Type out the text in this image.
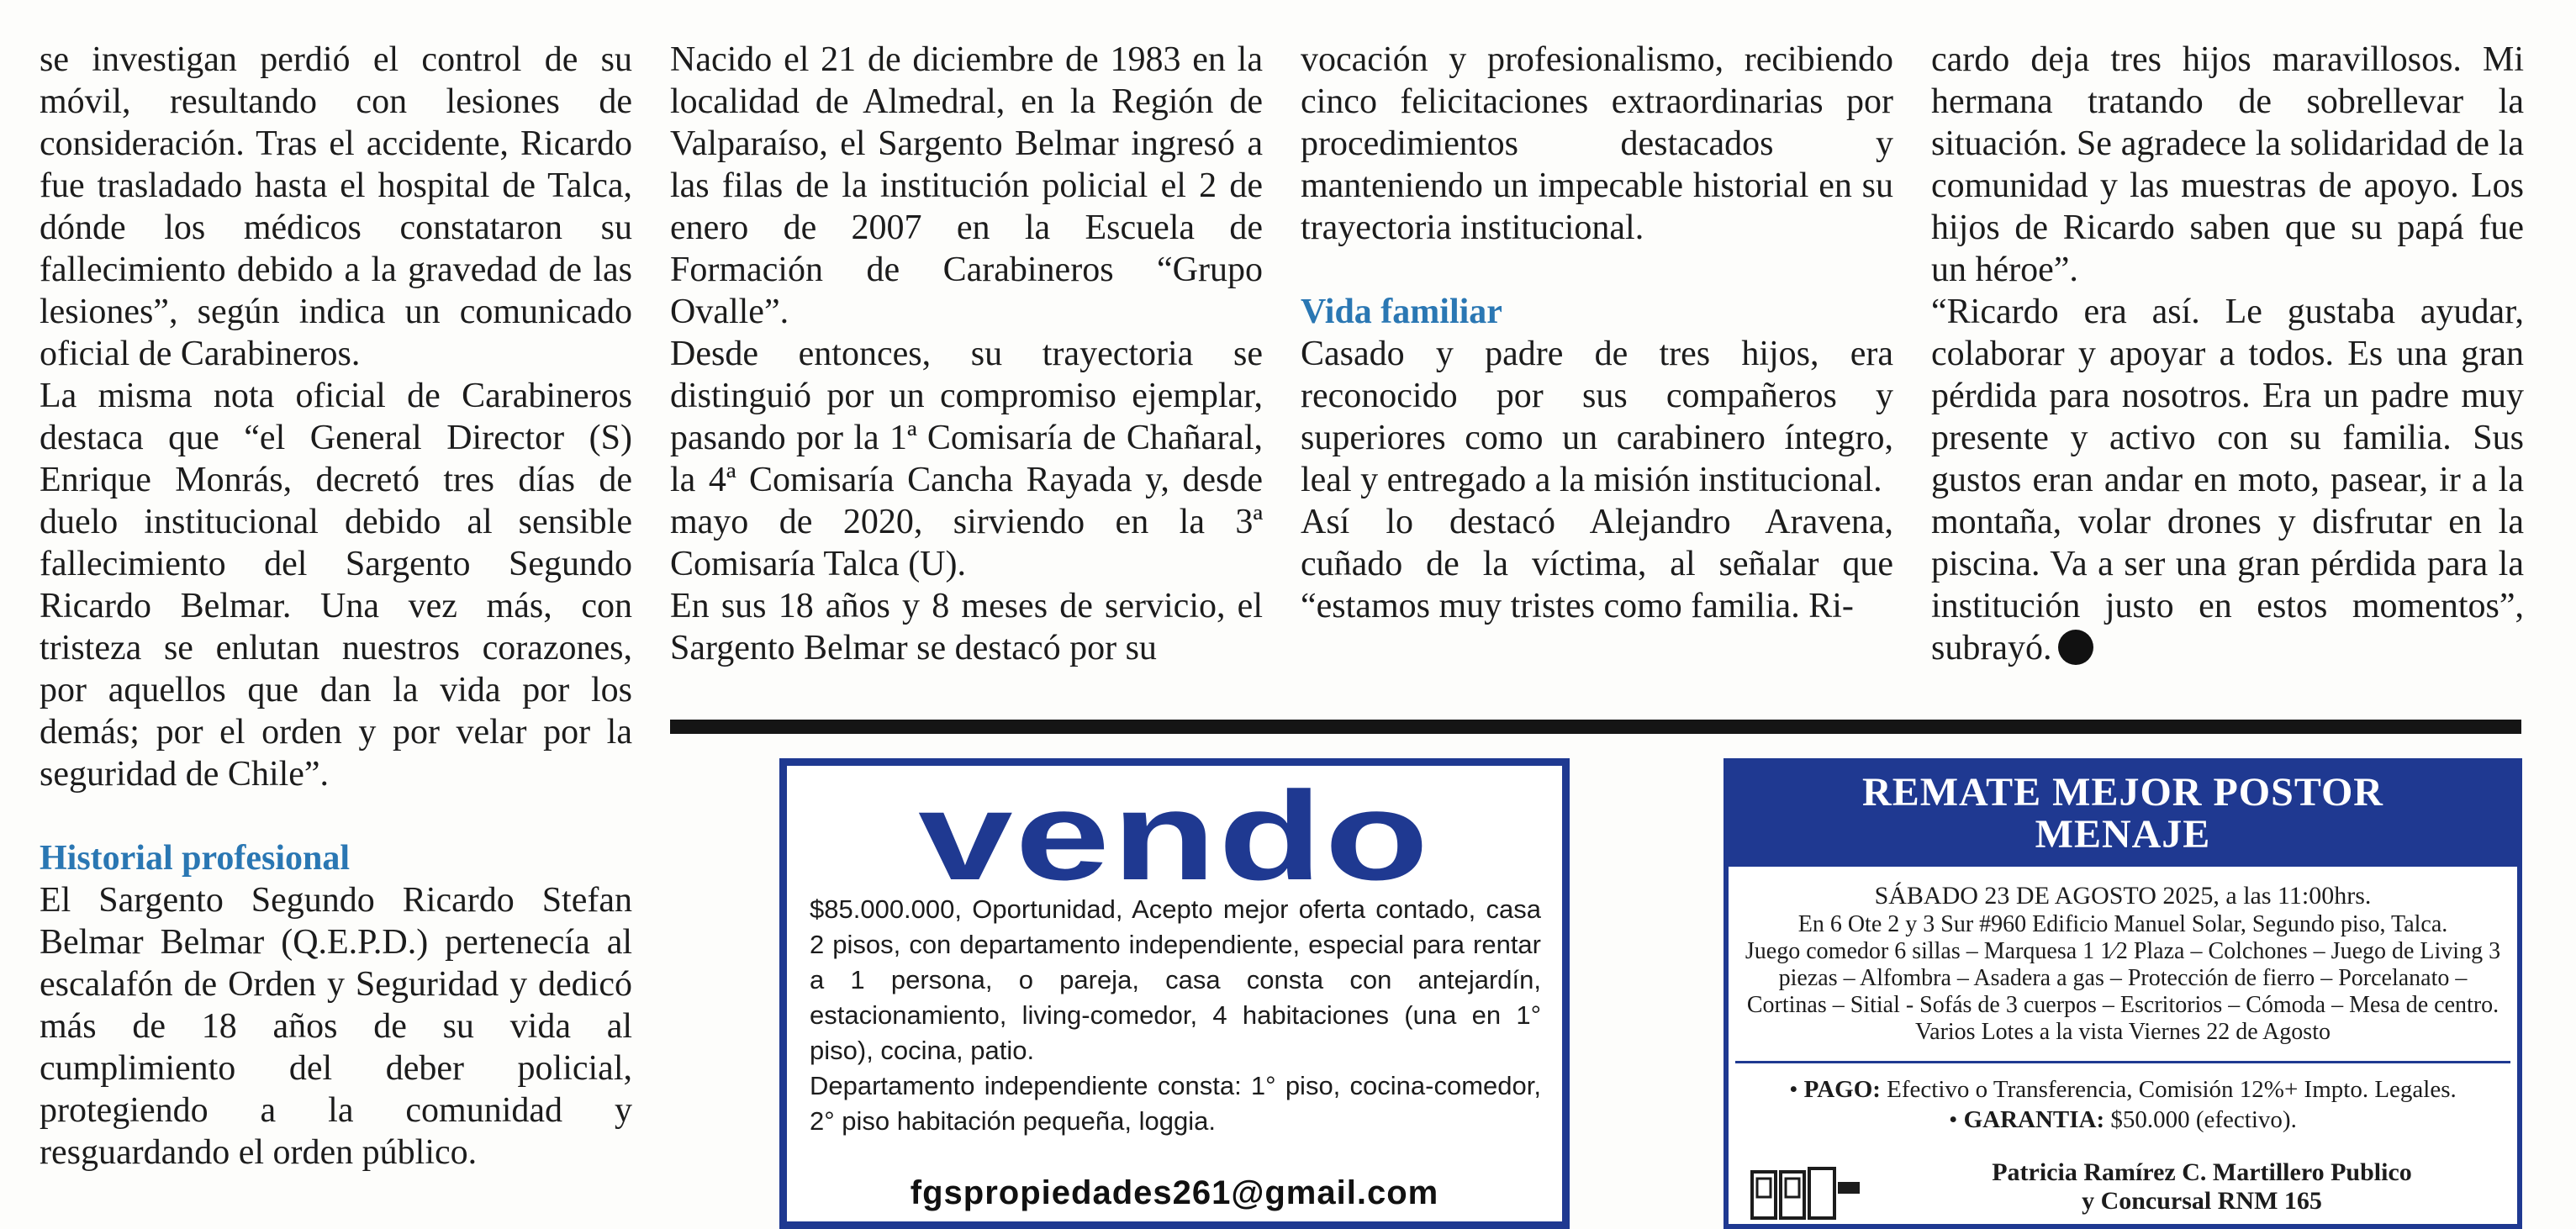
se investigan perdió el control de su móvil, resultando con lesiones de consideración. Tras el accidente, Ricardo fue trasladado hasta el hospital de Talca, dónde los médicos constataron su fallecimiento debido a la gravedad de las lesiones”, según indica un comunicado oficial de Carabineros.

La misma nota oficial de Carabineros destaca que “el General Director (S) Enrique Monrás, decretó tres días de duelo institucional debido al sensible fallecimiento del Sargento Segundo Ricardo Belmar. Una vez más, con tristeza se enlutan nuestros corazones, por aquellos que dan la vida por los demás; por el orden y por velar por la seguridad de Chile”.

Historial profesional

El Sargento Segundo Ricardo Stefan Belmar Belmar (Q.E.P.D.) pertenecía al escalafón de Orden y Seguridad y dedicó más de 18 años de su vida al cumplimiento del deber policial, protegiendo a la comunidad y resguardando el orden público.

Nacido el 21 de diciembre de 1983 en la localidad de Almedral, en la Región de Valparaíso, el Sargento Belmar ingresó a las filas de la institución policial el 2 de enero de 2007 en la Escuela de Formación de Carabineros “Grupo Ovalle”.

Desde entonces, su trayectoria se distinguió por un compromiso ejemplar, pasando por la 1ª Comisaría de Chañaral, la 4ª Comisaría Cancha Rayada y, desde mayo de 2020, sirviendo en la 3ª Comisaría Talca (U).

En sus 18 años y 8 meses de servicio, el Sargento Belmar se destacó por su

vocación y profesionalismo, recibiendo cinco felicitaciones extraordinarias por procedimientos destacados y manteniendo un impecable historial en su trayectoria institucional.

Vida familiar

Casado y padre de tres hijos, era reconocido por sus compañeros y superiores como un carabinero íntegro, leal y entregado a la misión institucional.

Así lo destacó Alejandro Aravena, cuñado de la víctima, al señalar que “estamos muy tristes como familia. Ri-

cardo deja tres hijos maravillosos. Mi hermana tratando de sobrellevar la situación. Se agradece la solidaridad de la comunidad y las muestras de apoyo. Los hijos de Ricardo saben que su papá fue un héroe”.

“Ricardo era así. Le gustaba ayudar, colaborar y apoyar a todos. Es una gran pérdida para nosotros. Era un padre muy presente y activo con su familia. Sus gustos eran andar en moto, pasear, ir a la montaña, volar drones y disfrutar en la piscina. Va a ser una gran pérdida para la institución justo en estos momentos”, subrayó.

vendo

$85.000.000, Oportunidad, Acepto mejor oferta contado, casa 2 pisos, con departamento independiente, especial para rentar a 1 persona, o pareja, casa consta con antejardín, estacionamiento, living-comedor, 4 habitaciones (una en 1° piso), cocina, patio.

Departamento independiente consta: 1° piso, cocina-comedor, 2° piso habitación pequeña, loggia.

fgspropiedades261@gmail.com
REMATE MEJOR POSTOR
MENAJE
SÁBADO 23 DE AGOSTO 2025, a las 11:00hrs.
En 6 Ote 2 y 3 Sur #960 Edificio Manuel Solar, Segundo piso, Talca.
Juego comedor 6 sillas – Marquesa 1 1⁄2 Plaza – Colchones – Juego de Living 3 piezas – Alfombra – Asadera a gas – Protección de fierro – Porcelanato – Cortinas – Sitial - Sofás de 3 cuerpos – Escritorios – Cómoda – Mesa de centro. Varios Lotes a la vista Viernes 22 de Agosto
• PAGO: Efectivo o Transferencia, Comisión 12%+ Impto. Legales.
• GARANTIA: $50.000 (efectivo).
Patricia Ramírez C. Martillero Publico
y Concursal RNM 165
